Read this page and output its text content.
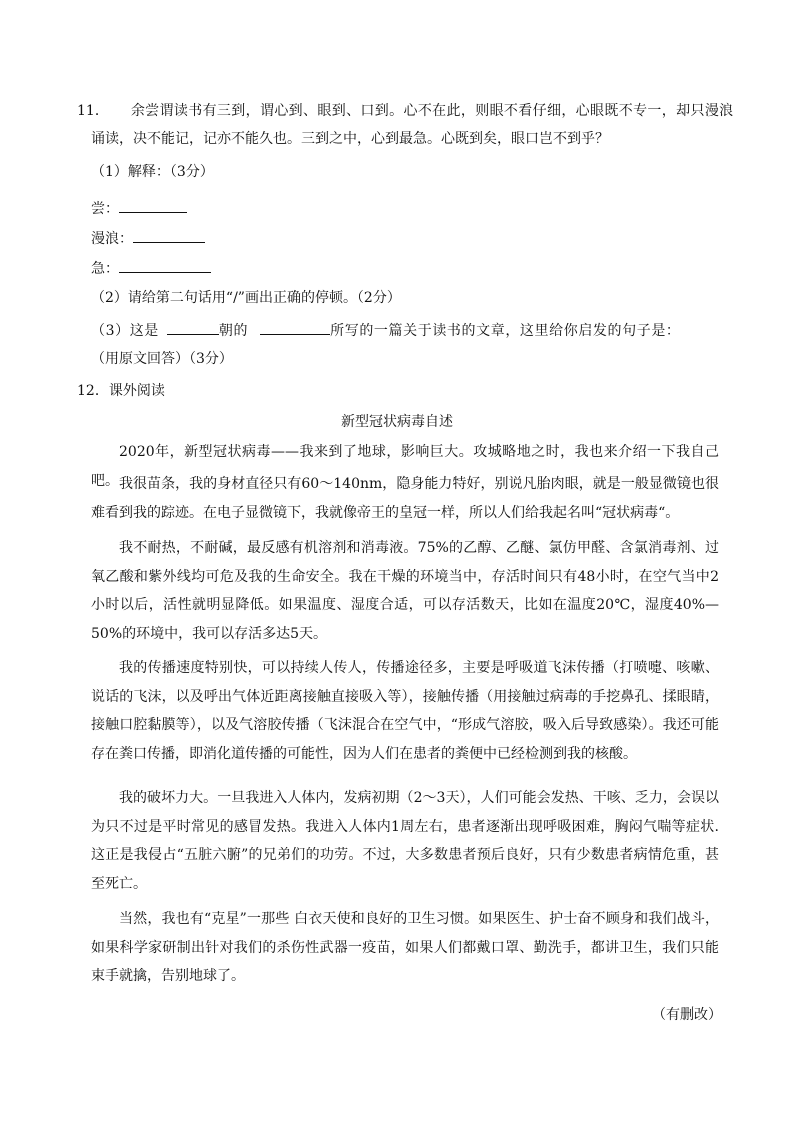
11． 余尝谓读书有三到，谓心到、眼到、口到。心不在此，则眼不看仔细，心眼既不专一，却只漫浪
诵读，决不能记，记亦不能久也。三到之中，心到最急。心既到矣，眼口岂不到乎？
（1）解释：（3分）
尝：
漫浪：
急：
（2）请给第二句话用“/”画出正确的停顿。（2分）
（3）这是	朝的	所写的一篇关于读书的文章，这里给你启发的句子是：
（用原文回答）（3分）
12．课外阅读
新型冠状病毒自述
2020年，新型冠状病毒——我来到了地球，影响巨大。攻城略地之时，我也来介绍一下我自己吧。 我很苗条，我的身材直径只有60～140nm，隐身能力特好，别说凡胎肉眼，就是一般显微镜也很难看到我的踪迹。在电子显微镜下，我就像帝王的皇冠一样，所以人们给我起名叫“冠状病毒“。
我不耐热，不耐碱，最反感有机溶剂和消毒液。75%的乙醇、乙醚、氯仿甲醛、含氯消毒剂、过氧乙酸和紫外线均可危及我的生命安全。我在干燥的环境当中，存活时间只有48小时，在空气当中2小时以后，活性就明显降低。如果温度、湿度合适，可以存活数天，比如在温度20℃，湿度40%—50%的环境中，我可以存活多达5天。
我的传播速度特别快，可以持续人传人，传播途径多，主要是呼吸道飞沫传播（打喷嚏、咳嗽、说话的飞沫，以及呼出气体近距离接触直接吸入等），接触传播（用接触过病毒的手挖鼻孔、揉眼睛，接触口腔黏膜等），以及气溶胶传播（飞沫混合在空气中，“形成气溶胶，吸入后导致感染）。我还可能存在粪口传播，即消化道传播的可能性，因为人们在患者的粪便中已经检测到我的核酸。
我的破坏力大。一旦我进入人体内，发病初期（2～3天），人们可能会发热、干咳、乏力，会误以为只不过是平时常见的感冒发热。我进入人体内1周左右，患者逐渐出现呼吸困难，胸闷气喘等症状.这正是我侵占“五脏六腑”的兄弟们的功劳。不过，大多数患者预后良好，只有少数患者病情危重，甚至死亡。
当然，我也有“克星”一那些 白衣天使和良好的卫生习惯。如果医生、护士奋不顾身和我们战斗，如果科学家研制出针对我们的杀伤性武器一疫苗，如果人们都戴口罩、勤洗手，都讲卫生，我们只能束手就擒，告别地球了。
（有删改）
